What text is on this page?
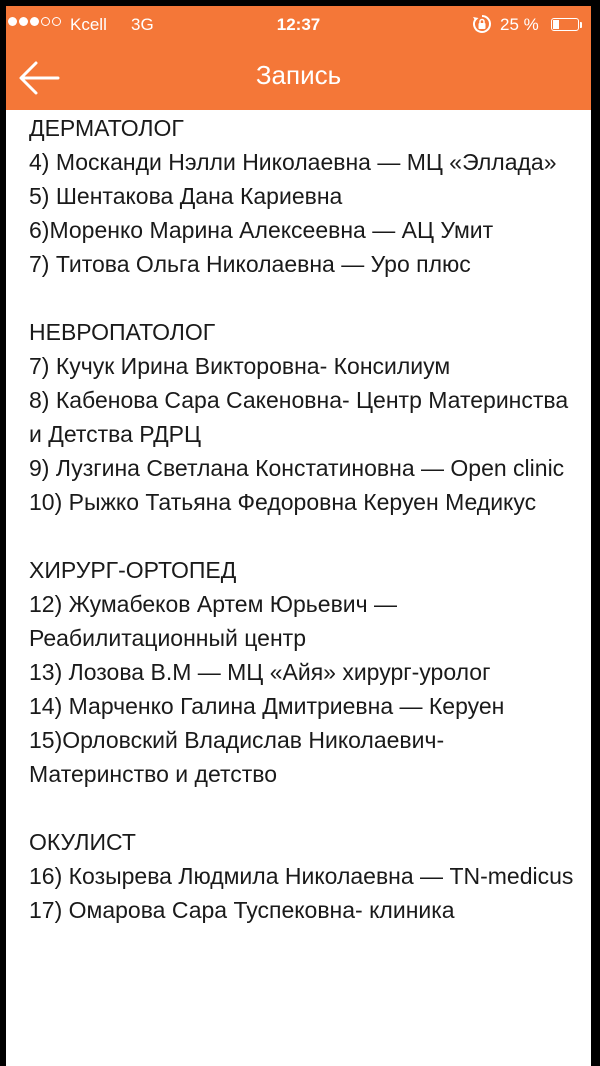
Kcell 3G	12:37	25 %
Запись

ДЕРМАТОЛОГ

4) Москанди Нэлли Николаевна — МЦ «Эллада»

5) Шентакова Дана Кариевна

6)Моренко Марина Алексеевна — АЦ Умит

7) Титова Ольга Николаевна — Уро плюс

НЕВРОПАТОЛОГ

7) Кучук Ирина Викторовна- Консилиум

8) Кабенова Сара Сакеновна- Центр Материнства и Детства РДРЦ

9) Лузгина Светлана Констатиновна — Open clinic

10) Рыжко Татьяна Федоровна Керуен Медикус

ХИРУРГ-ОРТОПЕД

12) Жумабеков Артем Юрьевич — Реабилитационный центр

13) Лозова В.М — МЦ «Айя» хирург-уролог

14) Марченко Галина Дмитриевна — Керуен

15)Орловский Владислав Николаевич- Материнство и детство

ОКУЛИСТ

16) Козырева Людмила Николаевна — TN-medicus

17) Омарова Сара Туспековна- клиника
